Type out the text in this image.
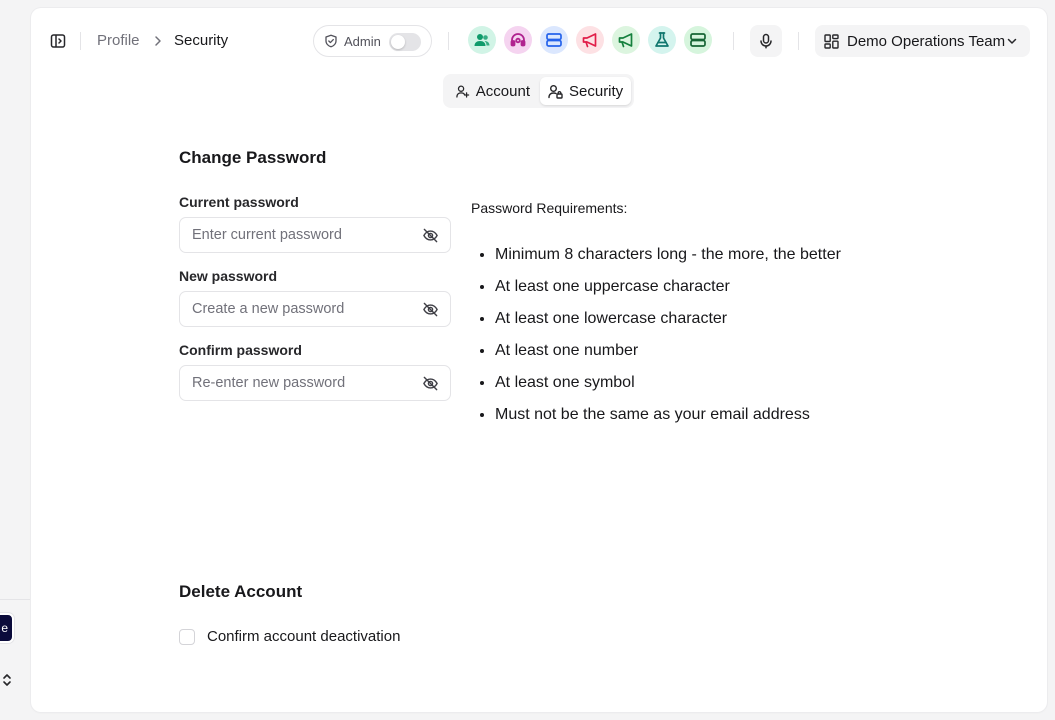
e
Profile Security	Admin	Demo Operations Team
Account	Security
Change Password
Current password
New password
Confirm password
Password Requirements:
• Minimum 8 characters long - the more, the better
• At least one uppercase character
• At least one lowercase character
• At least one number
• At least one symbol
• Must not be the same as your email address
Delete Account
Confirm account deactivation
